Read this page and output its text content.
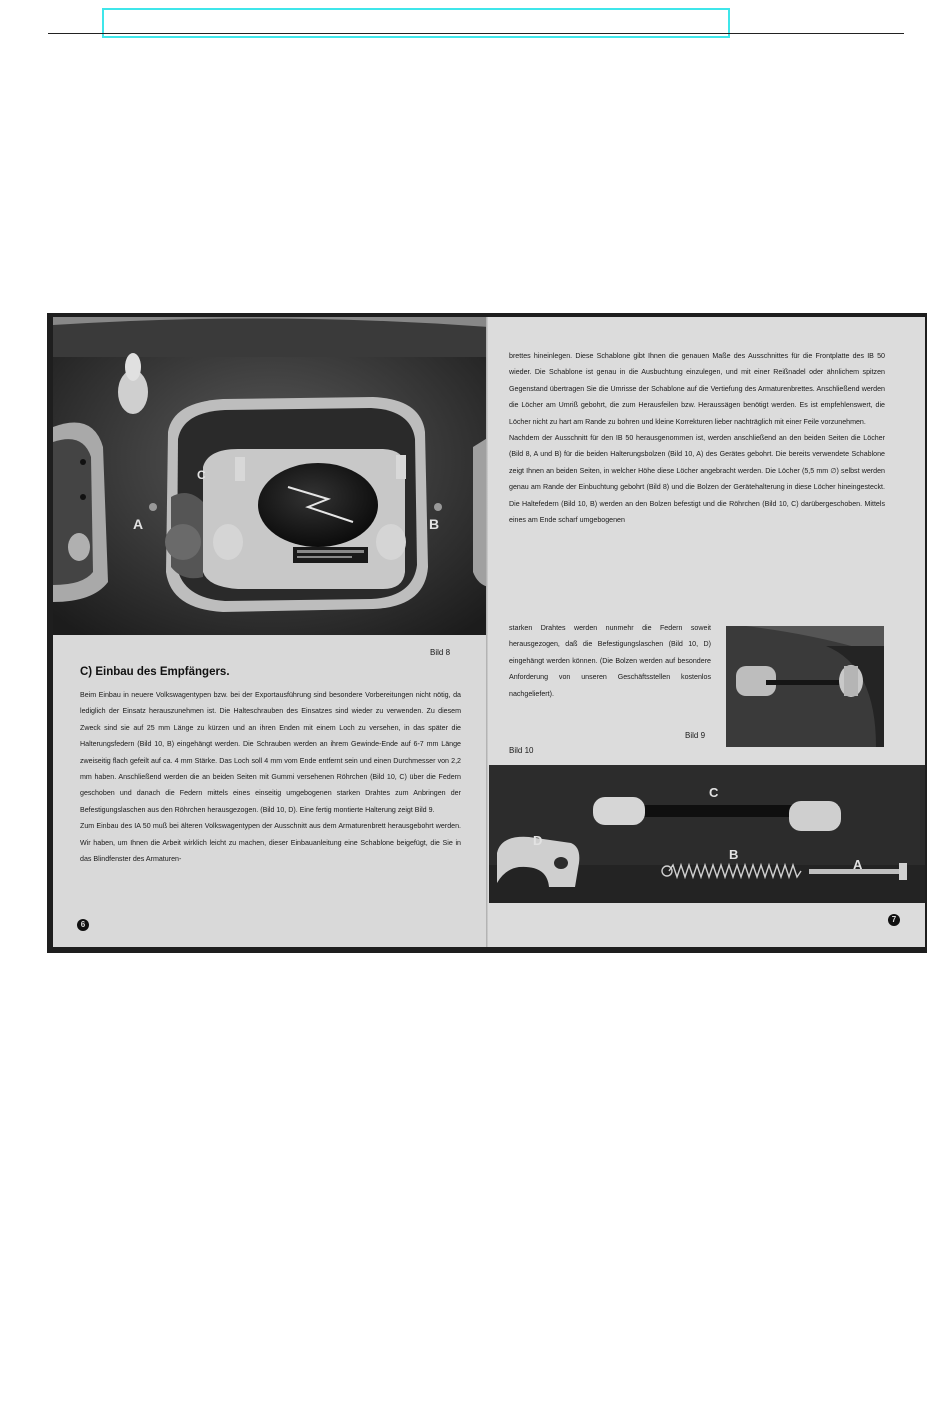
A	B
C
Bild 8
C) Einbau des Empfängers.

Beim Einbau in neuere Volkswagentypen bzw. bei der Exportausführung sind besondere Vorbereitungen nicht nötig, da lediglich der Einsatz herauszunehmen ist. Die Halteschrauben des Einsatzes sind wieder zu verwenden. Zu diesem Zweck sind sie auf 25 mm Länge zu kürzen und an ihren Enden mit einem Loch zu versehen, in das später die Halterungsfedern (Bild 10, B) eingehängt werden. Die Schrauben werden an ihrem Gewinde-Ende auf 6-7 mm Länge zweiseitig flach gefeilt auf ca. 4 mm Stärke. Das Loch soll 4 mm vom Ende entfernt sein und einen Durchmesser von 2,2 mm haben. Anschließend werden die an beiden Seiten mit Gummi versehenen Röhrchen (Bild 10, C) über die Federn geschoben und danach die Federn mittels eines einseitig umgebogenen starken Drahtes zum Anbringen der Befestigungslaschen aus den Röhrchen herausgezogen. (Bild 10, D). Eine fertig montierte Halterung zeigt Bild 9.

Zum Einbau des IA 50 muß bei älteren Volkswagentypen der Ausschnitt aus dem Armaturenbrett herausgebohrt werden. Wir haben, um Ihnen die Arbeit wirklich leicht zu machen, dieser Einbauanleitung eine Schablone beigefügt, die Sie in das Blindfenster des Armaturen-

6

brettes hineinlegen. Diese Schablone gibt Ihnen die genauen Maße des Ausschnittes für die Frontplatte des IB 50 wieder. Die Schablone ist genau in die Ausbuchtung einzulegen, und mit einer Reißnadel oder ähnlichem spitzen Gegenstand übertragen Sie die Umrisse der Schablone auf die Vertiefung des Armaturenbrettes. Anschließend werden die Löcher am Umriß gebohrt, die zum Herausfeilen bzw. Heraussägen benötigt werden. Es ist empfehlenswert, die Löcher nicht zu hart am Rande zu bohren und kleine Korrekturen lieber nachträglich mit einer Feile vorzunehmen.

Nachdem der Ausschnitt für den IB 50 herausgenommen ist, werden anschließend an den beiden Seiten die Löcher (Bild 8, A und B) für die beiden Halterungsbolzen (Bild 10, A) des Gerätes gebohrt. Die bereits verwendete Schablone zeigt Ihnen an beiden Seiten, in welcher Höhe diese Löcher angebracht werden. Die Löcher (5,5 mm ∅) selbst werden genau am Rande der Einbuchtung gebohrt (Bild 8) und die Bolzen der Gerätehalterung in diese Löcher hineingesteckt. Die Haltefedern (Bild 10, B) werden an den Bolzen befestigt und die Röhrchen (Bild 10, C) darübergeschoben. Mittels eines am Ende scharf umgebogenen

starken Drahtes werden nunmehr die Federn soweit herausgezogen, daß die Befestigungslaschen (Bild 10, D) eingehängt werden können. (Die Bolzen werden auf besondere Anforderung von unseren Geschäftsstellen kostenlos nachgeliefert).

Bild 9
Bild 10
C
B
A
D
7
